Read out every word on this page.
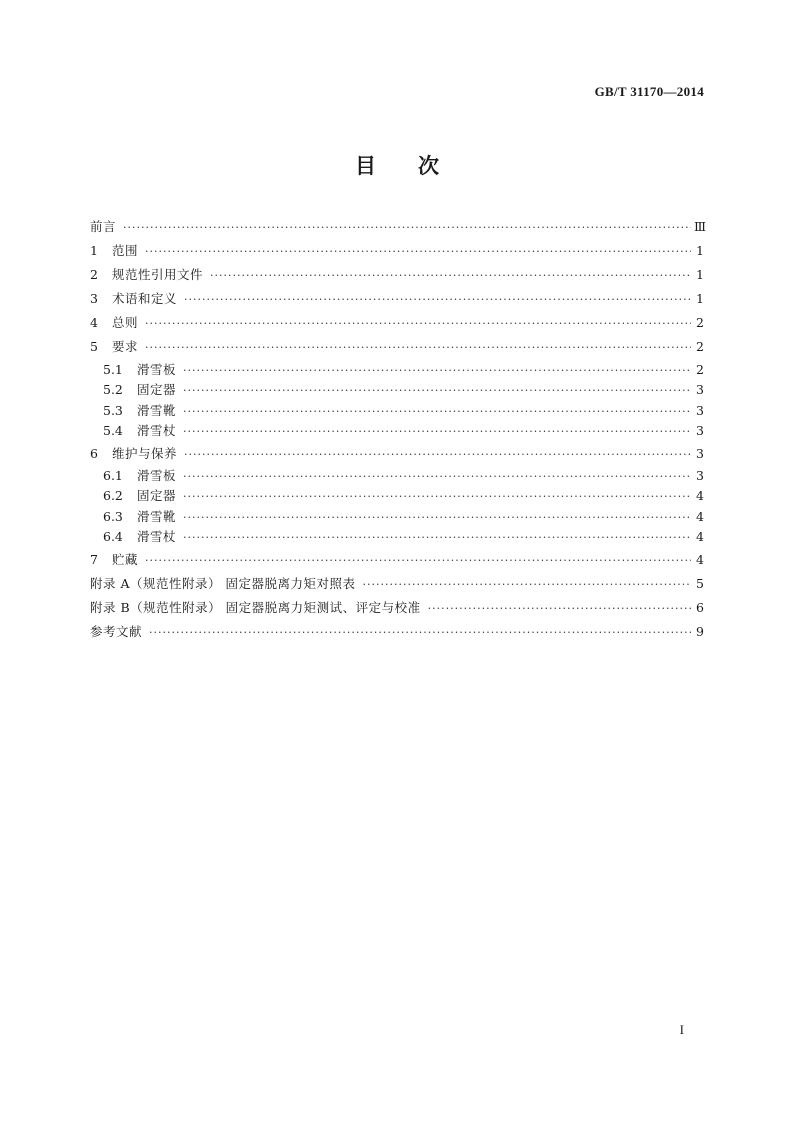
GB/T 31170—2014
目 次
前言 ·····	Ⅲ
1	范围 ·····	1
2	规范性引用文件 ·····	1
3	术语和定义 ·····	1
4	总则 ·····	2
5	要求 ·····	2
5.1	滑雪板 ·····	2
5.2	固定器 ·····	3
5.3	滑雪靴 ·····	3
5.4	滑雪杖 ·····	3
6	维护与保养 ·····	3
6.1	滑雪板 ·····	3
6.2	固定器 ·····	4
6.3	滑雪靴 ·····	4
6.4	滑雪杖 ·····	4
7	贮藏 ·····	4
附录 A（规范性附录） 固定器脱离力矩对照表 ·····	5
附录 B（规范性附录） 固定器脱离力矩测试、评定与校准 ·····	6
参考文献 ·····	9
I
